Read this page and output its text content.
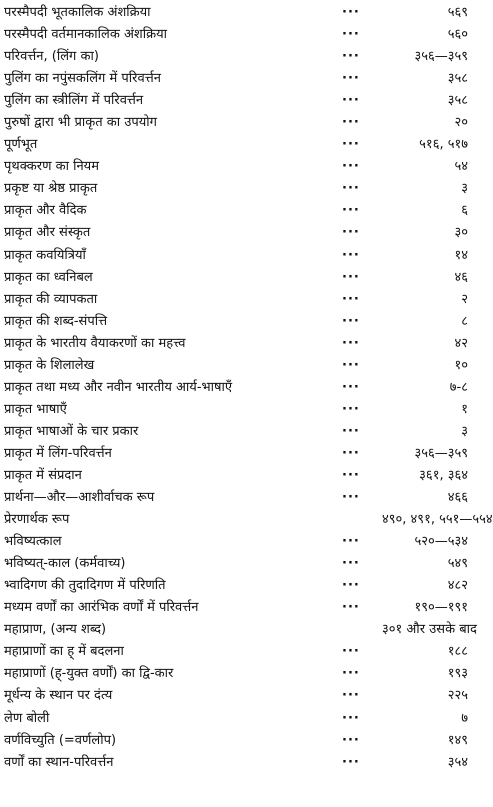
परस्मैपदी भूतकालिक अंशक्रिया	···	५६९
परस्मैपदी वर्तमानकालिक अंशक्रिया	···	५६०
परिवर्त्तन, (लिंग का)	···	३५६—३५९
पुलिंग का नपुंसकलिंग में परिवर्त्तन	···	३५८
पुलिंग का स्त्रीलिंग में परिवर्त्तन	···	३५८
पुरुषों द्वारा भी प्राकृत का उपयोग	···	२०
पूर्णभूत	···	५१६, ५१७
पृथक्करण का नियम	···	५४
प्रकृष्ट या श्रेष्ठ प्राकृत	···	३
प्राकृत और वैदिक	···	६
प्राकृत और संस्कृत	···	३०
प्राकृत कवयित्रियाँ	···	१४
प्राकृत का ध्वनिबल	···	४६
प्राकृत की व्यापकता	···	२
प्राकृत की शब्द-संपत्ति	···	८
प्राकृत के भारतीय वैयाकरणों का महत्त्व	···	४२
प्राकृत के शिलालेख	···	१०
प्राकृत तथा मध्य और नवीन भारतीय आर्य-भाषाएँ	···	७-८
प्राकृत भाषाएँ	···	१
प्राकृत भाषाओं के चार प्रकार	···	३
प्राकृत में लिंग-परिवर्त्तन	···	३५६—३५९
प्राकृत में संप्रदान	···	३६१, ३६४
प्रार्थना—और—आशीर्वाचक रूप	···	४६६
प्रेरणार्थक रूप	४९०, ४९१, ५५१—५५४
भविष्यत्काल	···	५२०—५३४
भविष्यत्-काल (कर्मवाच्य)	···	५४९
भ्वादिगण की तुदादिगण में परिणति	···	४८२
मध्यम वर्णों का आरंभिक वर्णों में परिवर्त्तन	···	१९०—१९१
महाप्राण, (अन्य शब्द)	३०१ और उसके बाद
महाप्राणों का ह् में बदलना	···	१८८
महाप्राणों (ह्-युक्त वर्णों) का द्वि-कार	···	१९३
मूर्धन्य के स्थान पर दंत्य	···	२२५
लेण बोली	···	७
वर्णविच्युति (=वर्णलोप)	···	१४९
वर्णों का स्थान-परिवर्त्तन	···	३५४
